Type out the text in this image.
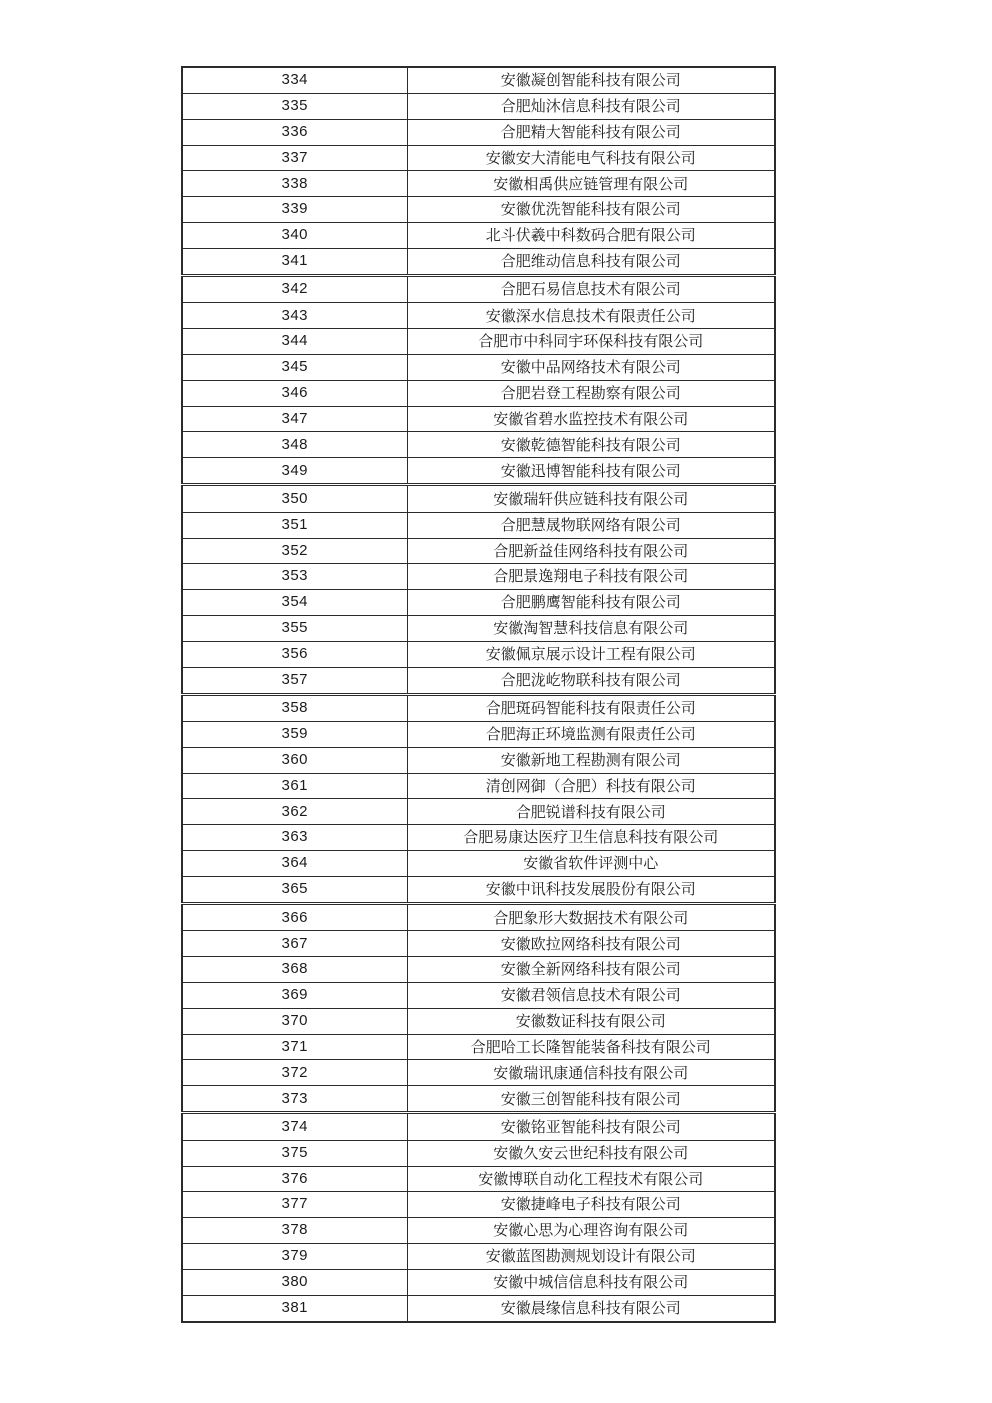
334	安徽凝创智能科技有限公司
335	合肥灿沐信息科技有限公司
336	合肥精大智能科技有限公司
337	安徽安大清能电气科技有限公司
338	安徽相禹供应链管理有限公司
339	安徽优洗智能科技有限公司
340	北斗伏羲中科数码合肥有限公司
341	合肥维动信息科技有限公司
342	合肥石易信息技术有限公司
343	安徽深水信息技术有限责任公司
344	合肥市中科同宇环保科技有限公司
345	安徽中品网络技术有限公司
346	合肥岩登工程勘察有限公司
347	安徽省碧水监控技术有限公司
348	安徽乾德智能科技有限公司
349	安徽迅博智能科技有限公司
350	安徽瑞轩供应链科技有限公司
351	合肥慧晟物联网络有限公司
352	合肥新益佳网络科技有限公司
353	合肥景逸翔电子科技有限公司
354	合肥鹏鹰智能科技有限公司
355	安徽淘智慧科技信息有限公司
356	安徽佩京展示设计工程有限公司
357	合肥泷屹物联科技有限公司
358	合肥斑码智能科技有限责任公司
359	合肥海正环境监测有限责任公司
360	安徽新地工程勘测有限公司
361	清创网御（合肥）科技有限公司
362	合肥锐谱科技有限公司
363	合肥易康达医疗卫生信息科技有限公司
364	安徽省软件评测中心
365	安徽中讯科技发展股份有限公司
366	合肥象形大数据技术有限公司
367	安徽欧拉网络科技有限公司
368	安徽全新网络科技有限公司
369	安徽君领信息技术有限公司
370	安徽数证科技有限公司
371	合肥哈工长隆智能装备科技有限公司
372	安徽瑞讯康通信科技有限公司
373	安徽三创智能科技有限公司
374	安徽铭亚智能科技有限公司
375	安徽久安云世纪科技有限公司
376	安徽博联自动化工程技术有限公司
377	安徽捷峰电子科技有限公司
378	安徽心思为心理咨询有限公司
379	安徽蓝图勘测规划设计有限公司
380	安徽中城信信息科技有限公司
381	安徽晨缘信息科技有限公司
